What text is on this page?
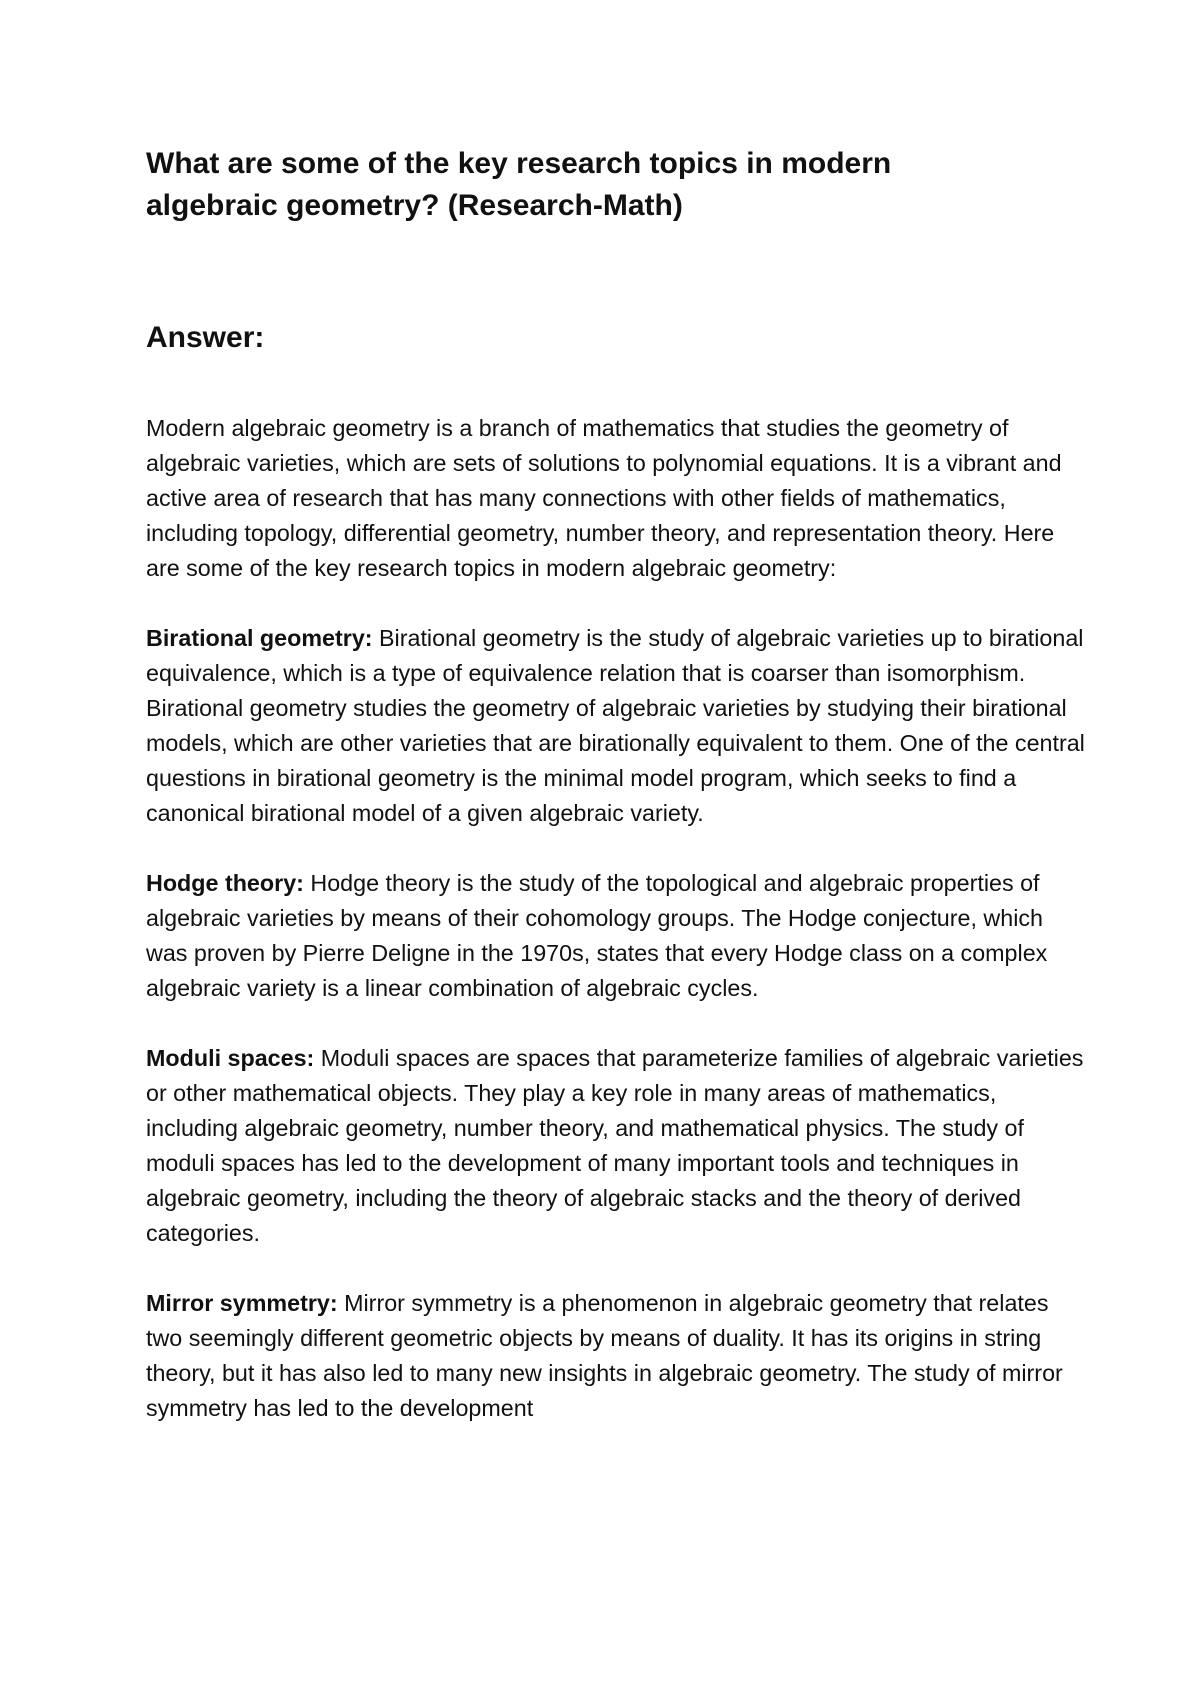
What are some of the key research topics in modern
algebraic geometry? (Research-Math)
Answer:

Modern algebraic geometry is a branch of mathematics that studies the geometry of algebraic varieties, which are sets of solutions to polynomial equations. It is a vibrant and active area of research that has many connections with other fields of mathematics, including topology, differential geometry, number theory, and representation theory. Here are some of the key research topics in modern algebraic geometry:

Birational geometry: Birational geometry is the study of algebraic varieties up to birational equivalence, which is a type of equivalence relation that is coarser than isomorphism. Birational geometry studies the geometry of algebraic varieties by studying their birational models, which are other varieties that are birationally equivalent to them. One of the central questions in birational geometry is the minimal model program, which seeks to find a canonical birational model of a given algebraic variety.

Hodge theory: Hodge theory is the study of the topological and algebraic properties of algebraic varieties by means of their cohomology groups. The Hodge conjecture, which was proven by Pierre Deligne in the 1970s, states that every Hodge class on a complex algebraic variety is a linear combination of algebraic cycles.

Moduli spaces: Moduli spaces are spaces that parameterize families of algebraic varieties or other mathematical objects. They play a key role in many areas of mathematics, including algebraic geometry, number theory, and mathematical physics. The study of moduli spaces has led to the development of many important tools and techniques in algebraic geometry, including the theory of algebraic stacks and the theory of derived categories.

Mirror symmetry: Mirror symmetry is a phenomenon in algebraic geometry that relates two seemingly different geometric objects by means of duality. It has its origins in string theory, but it has also led to many new insights in algebraic geometry. The study of mirror symmetry has led to the development
